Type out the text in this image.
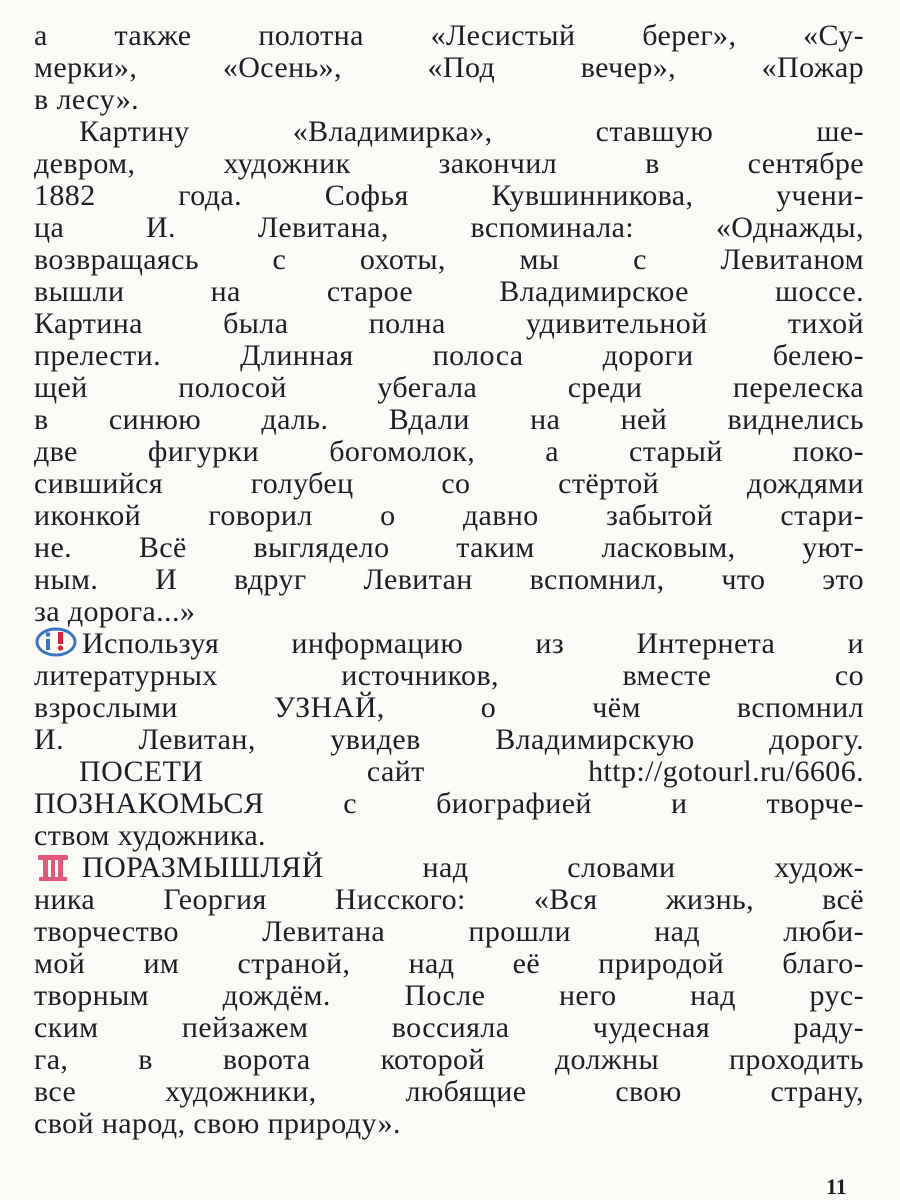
а также полотна «Лесистый берег», «Су-
мерки», «Осень», «Под вечер», «Пожар
в лесу».
Картину «Владимирка», ставшую ше-
девром, художник закончил в сентябре
1882 года. Софья Кувшинникова, учени-
ца И. Левитана, вспоминала: «Однажды,
возвращаясь с охоты, мы с Левитаном
вышли на старое Владимирское шоссе.
Картина была полна удивительной тихой
прелести. Длинная полоса дороги белею-
щей полосой убегала среди перелеска
в синюю даль. Вдали на ней виднелись
две фигурки богомолок, а старый поко-
сившийся голубец со стёртой дождями
иконкой говорил о давно забытой стари-
не. Всё выглядело таким ласковым, уют-
ным. И вдруг Левитан вспомнил, что это
за дорога...»
Используя информацию из Интернета и
литературных источников, вместе со
взрослыми УЗНАЙ, о чём вспомнил
И. Левитан, увидев Владимирскую дорогу.
ПОСЕТИ сайт http://gotourl.ru/6606.
ПОЗНАКОМЬСЯ с биографией и творче-
ством художника.
ПОРАЗМЫШЛЯЙ над словами худож-
ника Георгия Нисского: «Вся жизнь, всё
творчество Левитана прошли над люби-
мой им страной, над её природой благо-
творным дождём. После него над рус-
ским пейзажем воссияла чудесная раду-
га, в ворота которой должны проходить
все художники, любящие свою страну,
свой народ, свою природу».
11
